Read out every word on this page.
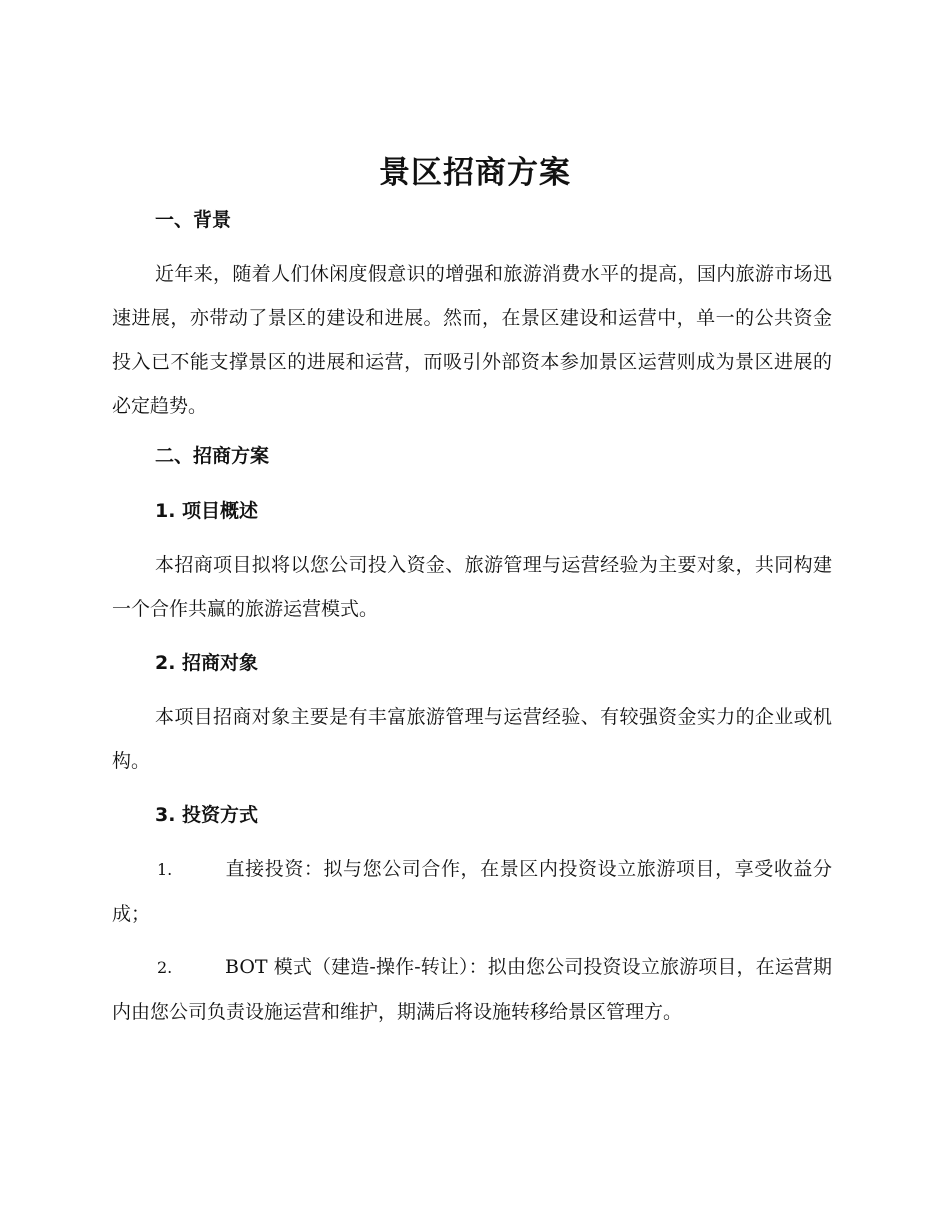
景区招商方案
一、背景

近年来，随着人们休闲度假意识的增强和旅游消费水平的提高，国内旅游市场迅速进展，亦带动了景区的建设和进展。然而，在景区建设和运营中，单一的公共资金投入已不能支撑景区的进展和运营，而吸引外部资本参加景区运营则成为景区进展的必定趋势。

二、招商方案
1. 项目概述

本招商项目拟将以您公司投入资金、旅游管理与运营经验为主要对象，共同构建一个合作共赢的旅游运营模式。

2. 招商对象

本项目招商对象主要是有丰富旅游管理与运营经验、有较强资金实力的企业或机构。

3. 投资方式

1.	直接投资：拟与您公司合作，在景区内投资设立旅游项目，享受收益分成；

2.	BOT 模式（建造-操作-转让）：拟由您公司投资设立旅游项目，在运营期内由您公司负责设施运营和维护，期满后将设施转移给景区管理方。
